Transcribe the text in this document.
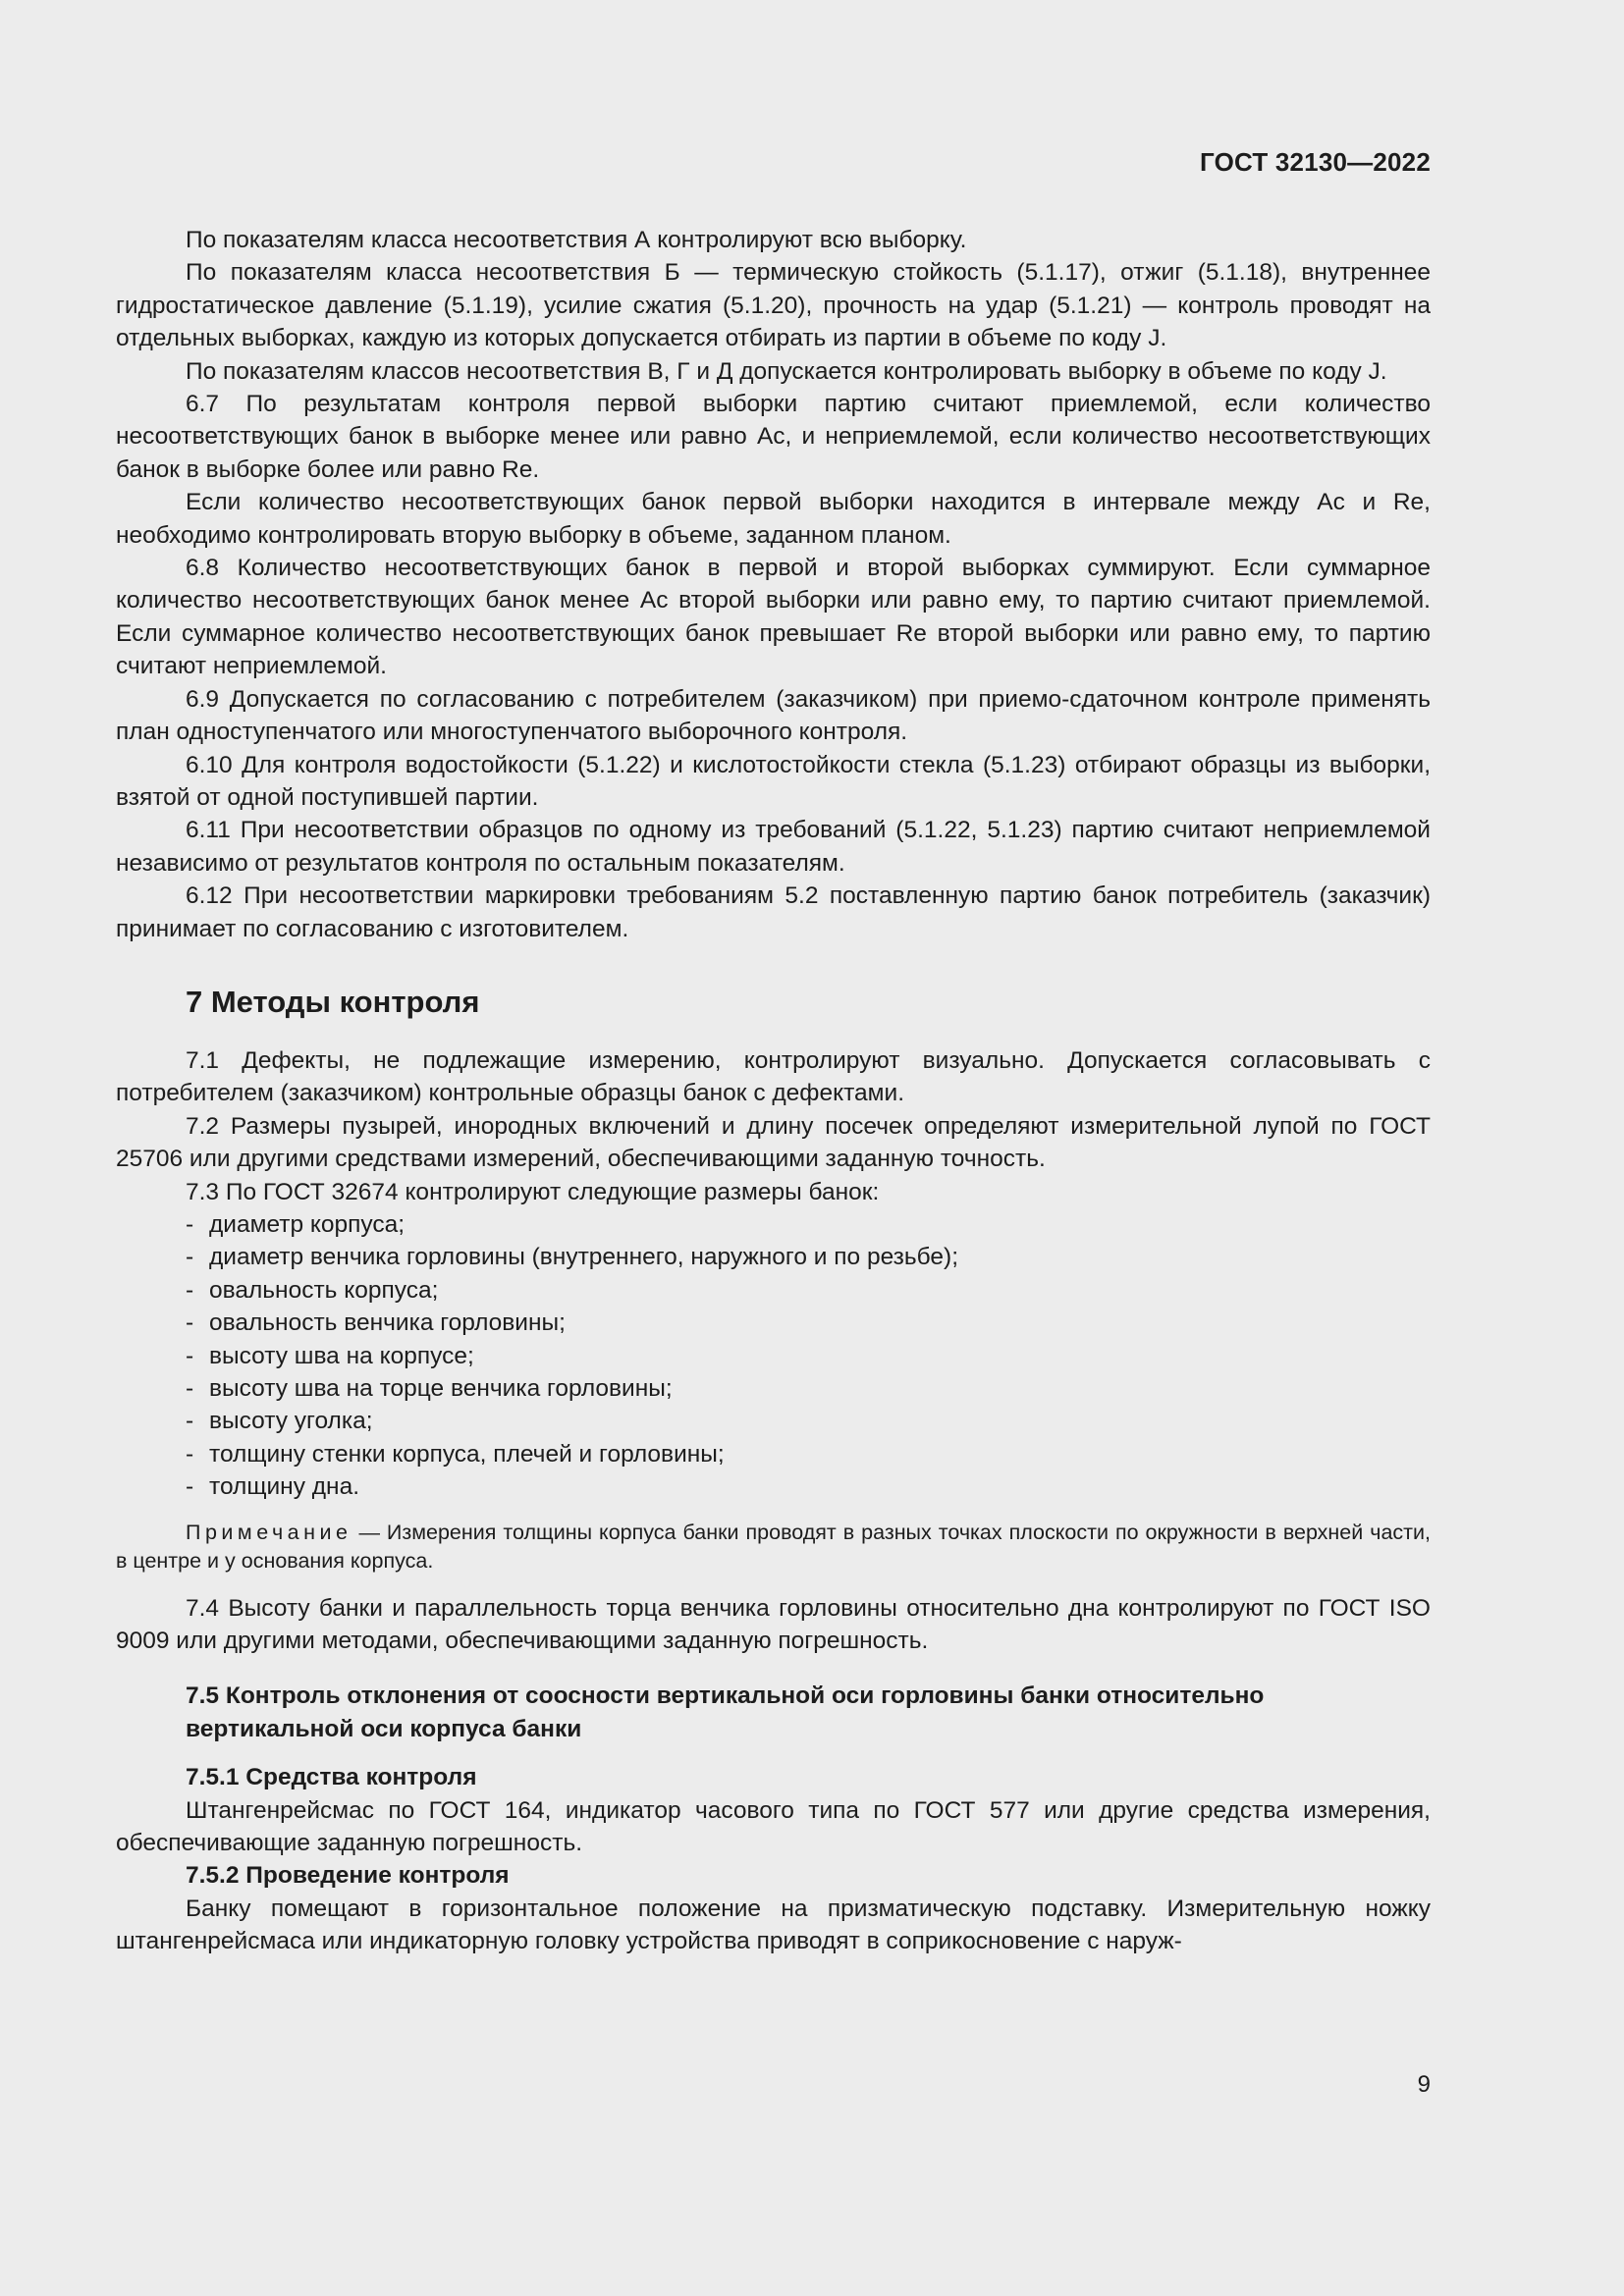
ГОСТ 32130—2022

По показателям класса несоответствия А контролируют всю выборку.

По показателям класса несоответствия Б — термическую стойкость (5.1.17), отжиг (5.1.18), внутреннее гидростатическое давление (5.1.19), усилие сжатия (5.1.20), прочность на удар (5.1.21) — контроль проводят на отдельных выборках, каждую из которых допускается отбирать из партии в объеме по коду J.

По показателям классов несоответствия В, Г и Д допускается контролировать выборку в объеме по коду J.

6.7 По результатам контроля первой выборки партию считают приемлемой, если количество несоответствующих банок в выборке менее или равно Ас, и неприемлемой, если количество несоответствующих банок в выборке более или равно Re.

Если количество несоответствующих банок первой выборки находится в интервале между Ас и Re, необходимо контролировать вторую выборку в объеме, заданном планом.

6.8 Количество несоответствующих банок в первой и второй выборках суммируют. Если суммарное количество несоответствующих банок менее Ас второй выборки или равно ему, то партию считают приемлемой. Если суммарное количество несоответствующих банок превышает Re второй выборки или равно ему, то партию считают неприемлемой.

6.9 Допускается по согласованию с потребителем (заказчиком) при приемо-сдаточном контроле применять план одноступенчатого или многоступенчатого выборочного контроля.

6.10 Для контроля водостойкости (5.1.22) и кислотостойкости стекла (5.1.23) отбирают образцы из выборки, взятой от одной поступившей партии.

6.11 При несоответствии образцов по одному из требований (5.1.22, 5.1.23) партию считают неприемлемой независимо от результатов контроля по остальным показателям.

6.12 При несоответствии маркировки требованиям 5.2 поставленную партию банок потребитель (заказчик) принимает по согласованию с изготовителем.

7 Методы контроля

7.1 Дефекты, не подлежащие измерению, контролируют визуально. Допускается согласовывать с потребителем (заказчиком) контрольные образцы банок с дефектами.

7.2 Размеры пузырей, инородных включений и длину посечек определяют измерительной лупой по ГОСТ 25706 или другими средствами измерений, обеспечивающими заданную точность.

7.3 По ГОСТ 32674 контролируют следующие размеры банок:

- диаметр корпуса;
- диаметр венчика горловины (внутреннего, наружного и по резьбе);
- овальность корпуса;
- овальность венчика горловины;
- высоту шва на корпусе;
- высоту шва на торце венчика горловины;
- высоту уголка;
- толщину стенки корпуса, плечей и горловины;
- толщину дна.
Примечание — Измерения толщины корпуса банки проводят в разных точках плоскости по окружности в верхней части, в центре и у основания корпуса.

7.4 Высоту банки и параллельность торца венчика горловины относительно дна контролируют по ГОСТ ISO 9009 или другими методами, обеспечивающими заданную погрешность.

7.5 Контроль отклонения от соосности вертикальной оси горловины банки относительно вертикальной оси корпуса банки
7.5.1 Средства контроля

Штангенрейсмас по ГОСТ 164, индикатор часового типа по ГОСТ 577 или другие средства измерения, обеспечивающие заданную погрешность.

7.5.2 Проведение контроля

Банку помещают в горизонтальное положение на призматическую подставку. Измерительную ножку штангенрейсмаса или индикаторную головку устройства приводят в соприкосновение с наруж-

9
